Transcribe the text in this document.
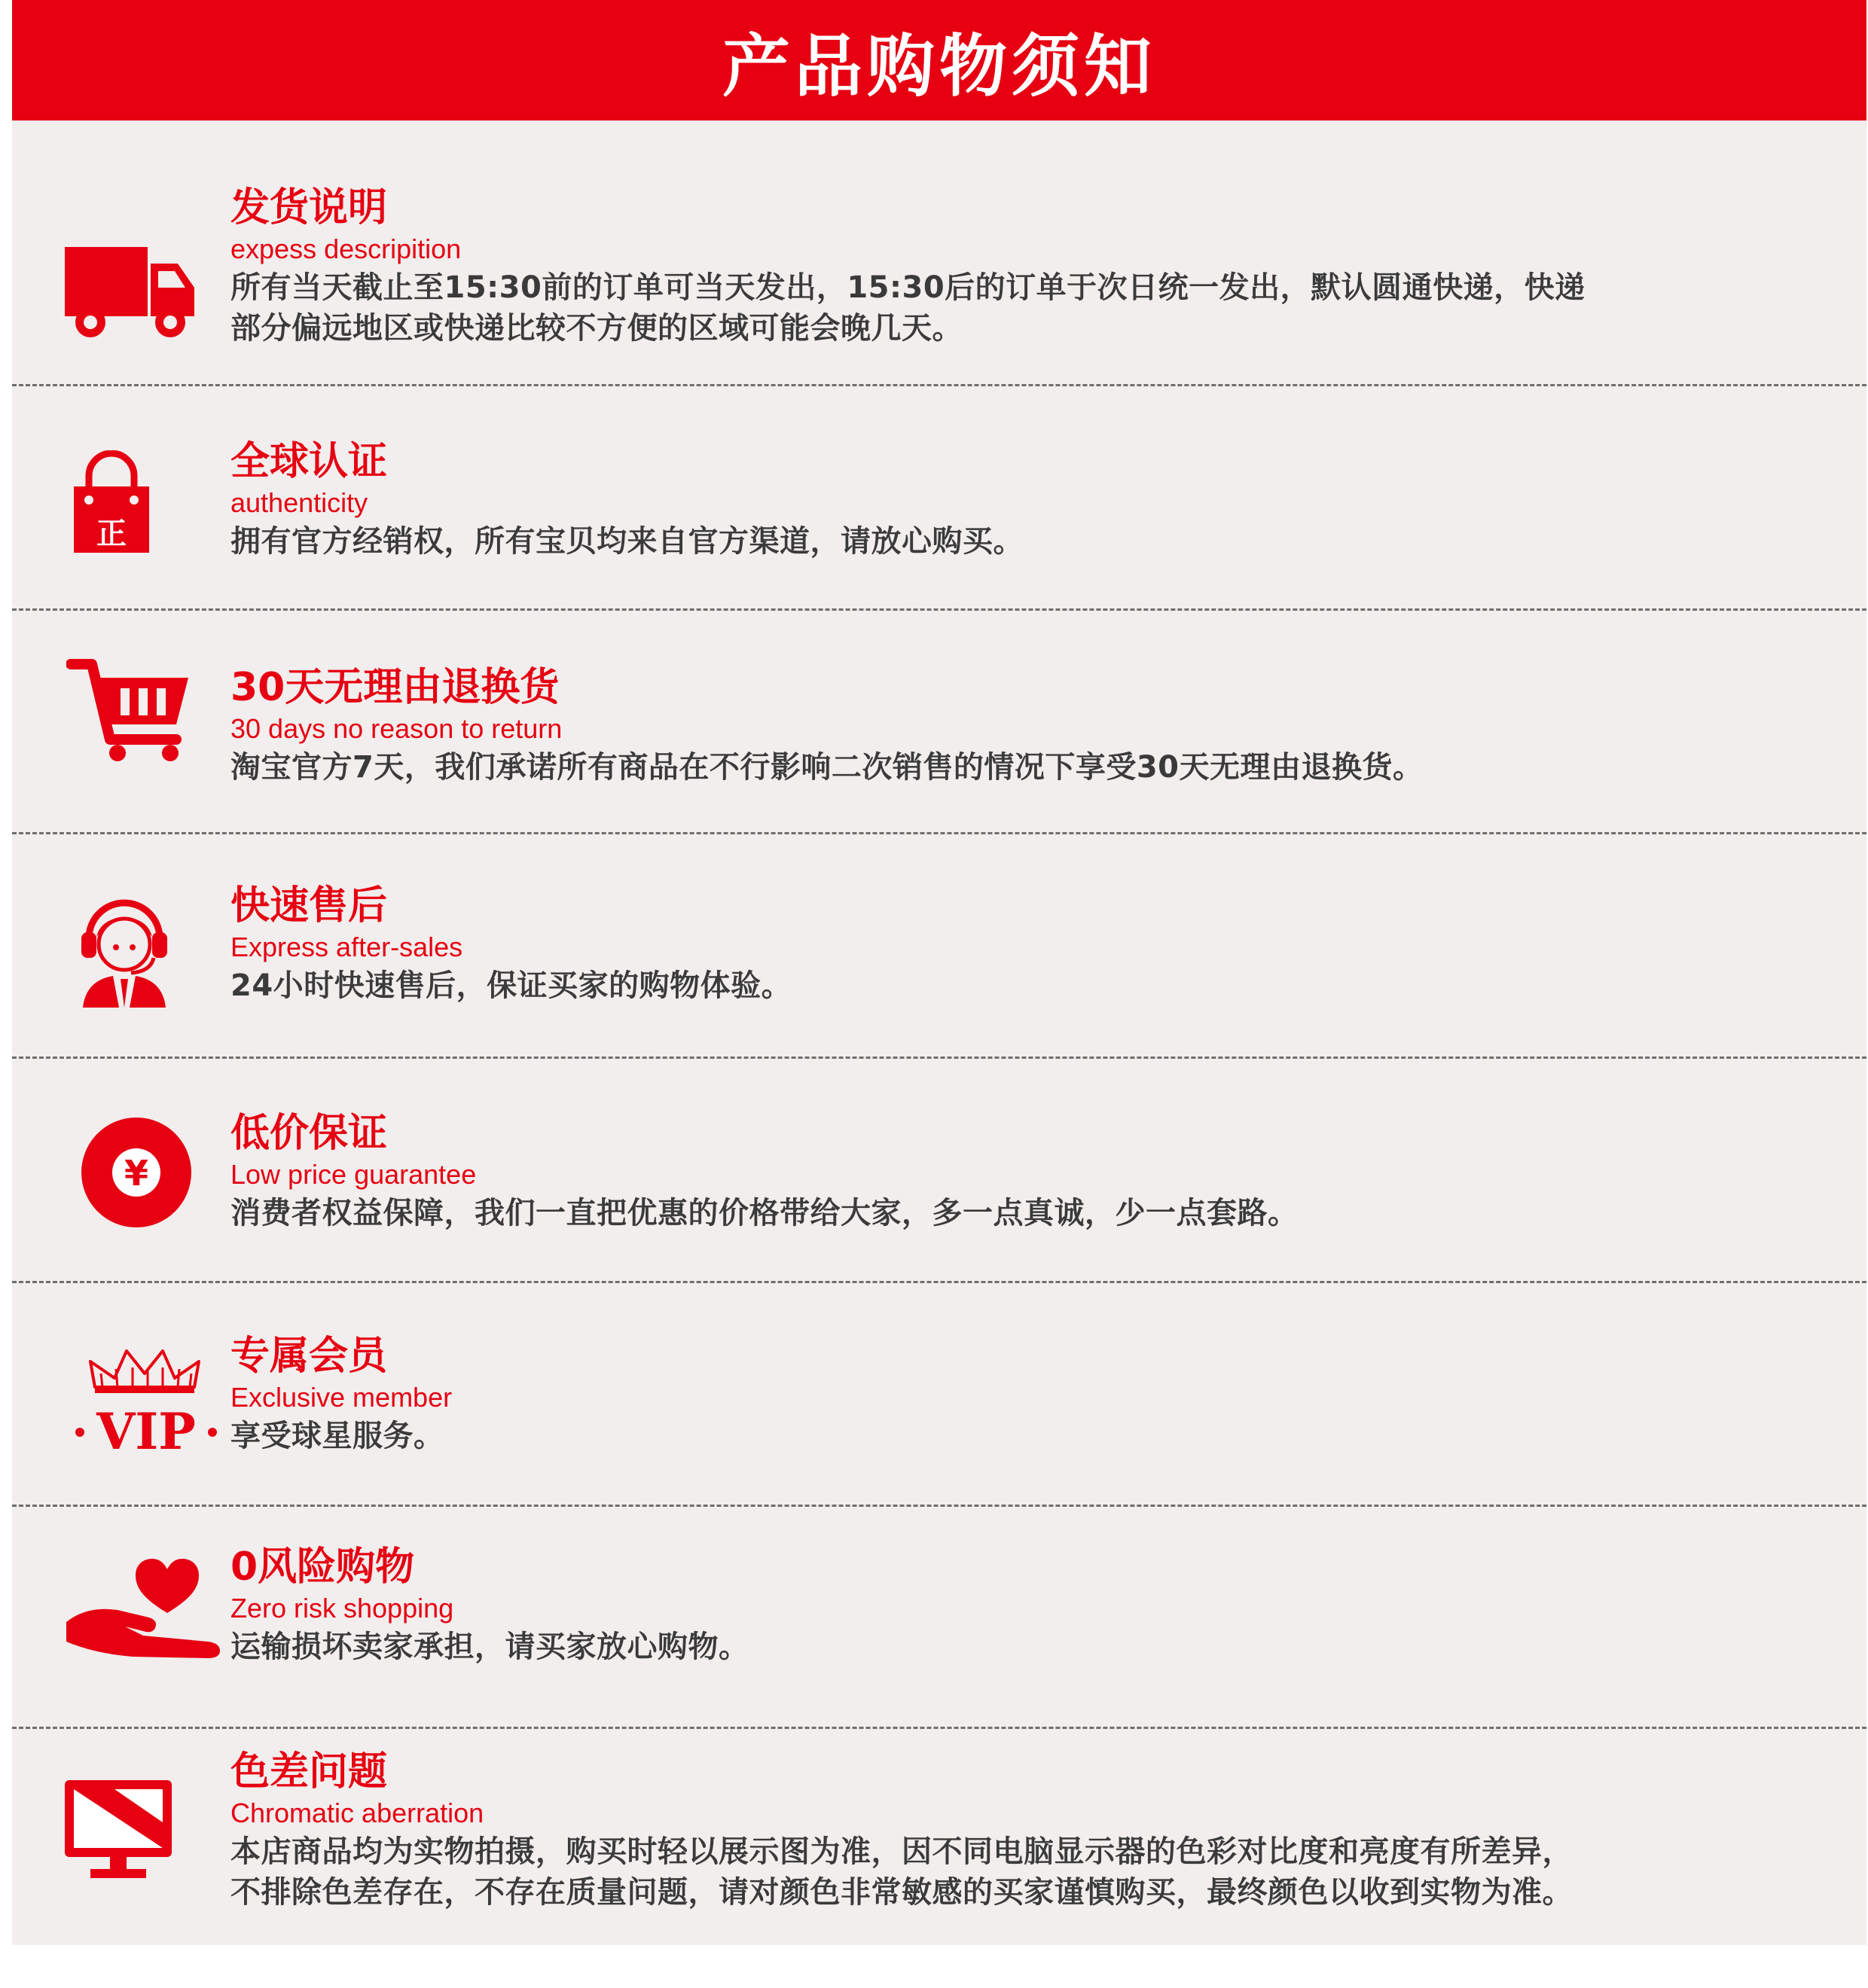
产品购物须知
发货说明
expess descripition
所有当天截止至15:30前的订单可当天发出，15:30后的订单于次日统一发出，默认圆通快递，快递
部分偏远地区或快递比较不方便的区域可能会晚几天。
正
全球认证
authenticity
拥有官方经销权，所有宝贝均来自官方渠道，请放心购买。
30天无理由退换货
30 days no reason to return
淘宝官方7天，我们承诺所有商品在不行影响二次销售的情况下享受30天无理由退换货。
快速售后
Express after-sales
24小时快速售后，保证买家的购物体验。
¥
低价保证
Low price guarantee
消费者权益保障，我们一直把优惠的价格带给大家，多一点真诚，少一点套路。
VIP
专属会员
Exclusive member
享受球星服务。
0风险购物
Zero risk shopping
运输损坏卖家承担，请买家放心购物。
色差问题
Chromatic aberration
本店商品均为实物拍摄，购买时轻以展示图为准，因不同电脑显示器的色彩对比度和亮度有所差异，
不排除色差存在，不存在质量问题，请对颜色非常敏感的买家谨慎购买，最终颜色以收到实物为准。
